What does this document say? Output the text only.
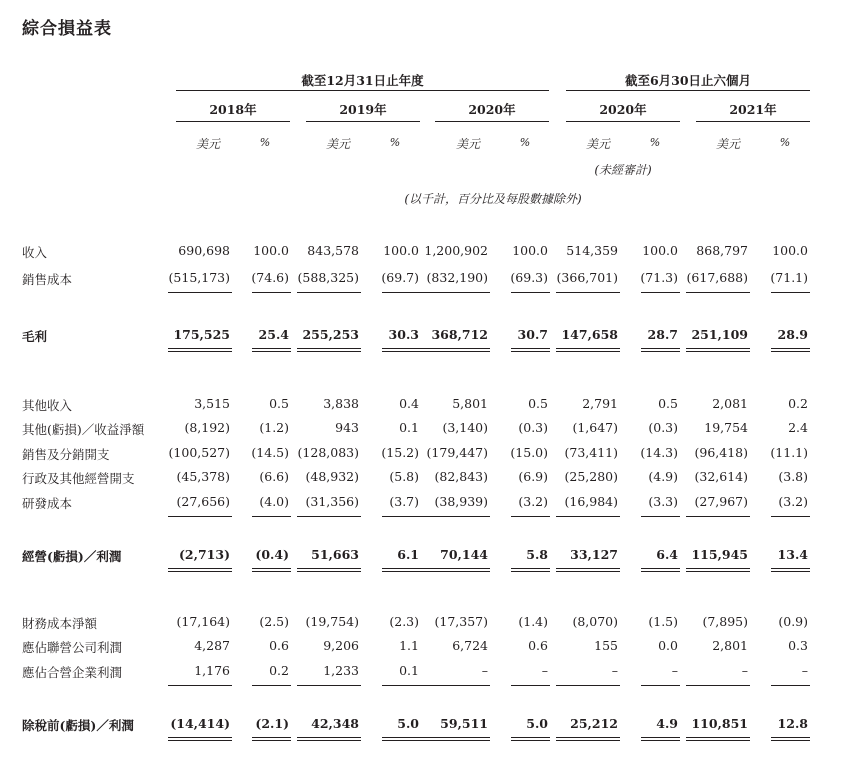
綜合損益表
截至12月31日止年度	截至6月30日止六個月
2018年	2019年	2020年	2020年	2021年
美元	%	美元	%	美元	%	美元	%	美元	%
(未經審計)
(以千計，百分比及每股數據除外)
收入	690,698	100.0	843,578	100.0 1,200,902	100.0	514,359	100.0	868,797	100.0
銷售成本	(515,173)	(74.6) (588,325)	(69.7) (832,190)	(69.3) (366,701)	(71.3) (617,688)	(71.1)
毛利	175,525	25.4	255,253	30.3 368,712	30.7	147,658	28.7	251,109	28.9
其他收入	3,515	0.5	3,838	0.4	5,801	0.5	2,791	0.5	2,081	0.2
其他(虧損)／收益淨額	(8,192)	(1.2)	943	0.1	(3,140)	(0.3)	(1,647)	(0.3)	19,754	2.4
銷售及分銷開支	(100,527)	(14.5) (128,083)	(15.2) (179,447)	(15.0)	(73,411)	(14.3)	(96,418)	(11.1)
行政及其他經營開支	(45,378)	(6.6)	(48,932)	(5.8)	(82,843)	(6.9)	(25,280)	(4.9)	(32,614)	(3.8)
研發成本	(27,656)	(4.0)	(31,356)	(3.7)	(38,939)	(3.2)	(16,984)	(3.3)	(27,967)	(3.2)
經營(虧損)／利潤	(2,713)	(0.4)	51,663	6.1	70,144	5.8	33,127	6.4	115,945	13.4
財務成本淨額	(17,164)	(2.5)	(19,754)	(2.3)	(17,357)	(1.4)	(8,070)	(1.5)	(7,895)	(0.9)
應佔聯營公司利潤	4,287	0.6	9,206	1.1	6,724	0.6	155	0.0	2,801	0.3
應佔合營企業利潤	1,176	0.2	1,233	0.1	–	–	–	–	–	–
除稅前(虧損)／利潤	(14,414)	(2.1)	42,348	5.0	59,511	5.0	25,212	4.9	110,851	12.8
